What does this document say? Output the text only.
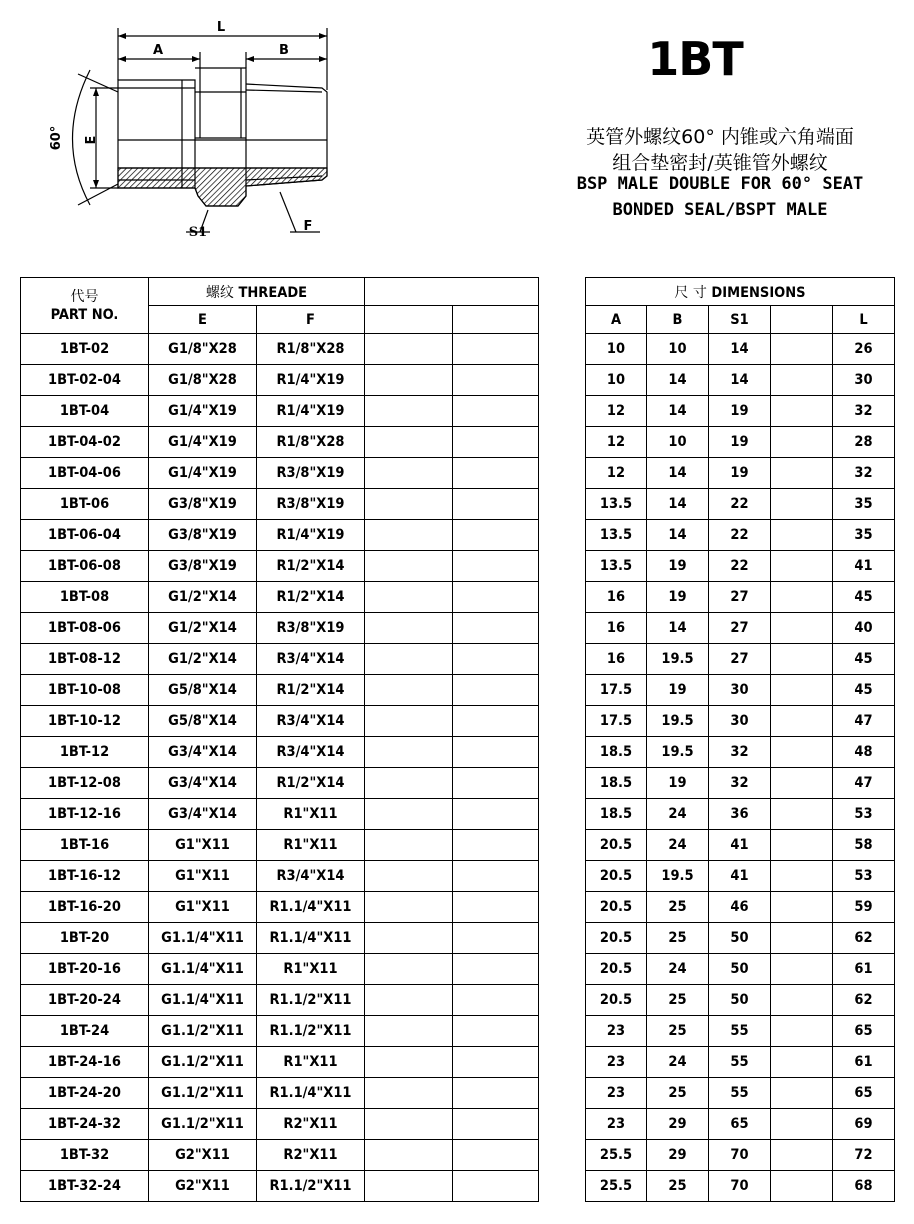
L
A	B
E
60°
S1	F
1BT
英管外螺纹60° 内锥或六角端面
组合垫密封/英锥管外螺纹
BSP MALE DOUBLE FOR 60° SEAT
BONDED SEAL/BSPT MALE
代号
PART NO.	螺纹 THREADE					尺 寸 DIMENSIONS				
	E	F				A	B	S1		L
1BT-02	G1/8"X28	R1/8"X28				10	10	14		26
1BT-02-04	G1/8"X28	R1/4"X19				10	14	14		30
1BT-04	G1/4"X19	R1/4"X19				12	14	19		32
1BT-04-02	G1/4"X19	R1/8"X28				12	10	19		28
1BT-04-06	G1/4"X19	R3/8"X19				12	14	19		32
1BT-06	G3/8"X19	R3/8"X19				13.5	14	22		35
1BT-06-04	G3/8"X19	R1/4"X19				13.5	14	22		35
1BT-06-08	G3/8"X19	R1/2"X14				13.5	19	22		41
1BT-08	G1/2"X14	R1/2"X14				16	19	27		45
1BT-08-06	G1/2"X14	R3/8"X19				16	14	27		40
1BT-08-12	G1/2"X14	R3/4"X14				16	19.5	27		45
1BT-10-08	G5/8"X14	R1/2"X14				17.5	19	30		45
1BT-10-12	G5/8"X14	R3/4"X14				17.5	19.5	30		47
1BT-12	G3/4"X14	R3/4"X14				18.5	19.5	32		48
1BT-12-08	G3/4"X14	R1/2"X14				18.5	19	32		47
1BT-12-16	G3/4"X14	R1"X11				18.5	24	36		53
1BT-16	G1"X11	R1"X11				20.5	24	41		58
1BT-16-12	G1"X11	R3/4"X14				20.5	19.5	41		53
1BT-16-20	G1"X11	R1.1/4"X11				20.5	25	46		59
1BT-20	G1.1/4"X11	R1.1/4"X11				20.5	25	50		62
1BT-20-16	G1.1/4"X11	R1"X11				20.5	24	50		61
1BT-20-24	G1.1/4"X11	R1.1/2"X11				20.5	25	50		62
1BT-24	G1.1/2"X11	R1.1/2"X11				23	25	55		65
1BT-24-16	G1.1/2"X11	R1"X11				23	24	55		61
1BT-24-20	G1.1/2"X11	R1.1/4"X11				23	25	55		65
1BT-24-32	G1.1/2"X11	R2"X11				23	29	65		69
1BT-32	G2"X11	R2"X11				25.5	29	70		72
1BT-32-24	G2"X11	R1.1/2"X11				25.5	25	70		68
